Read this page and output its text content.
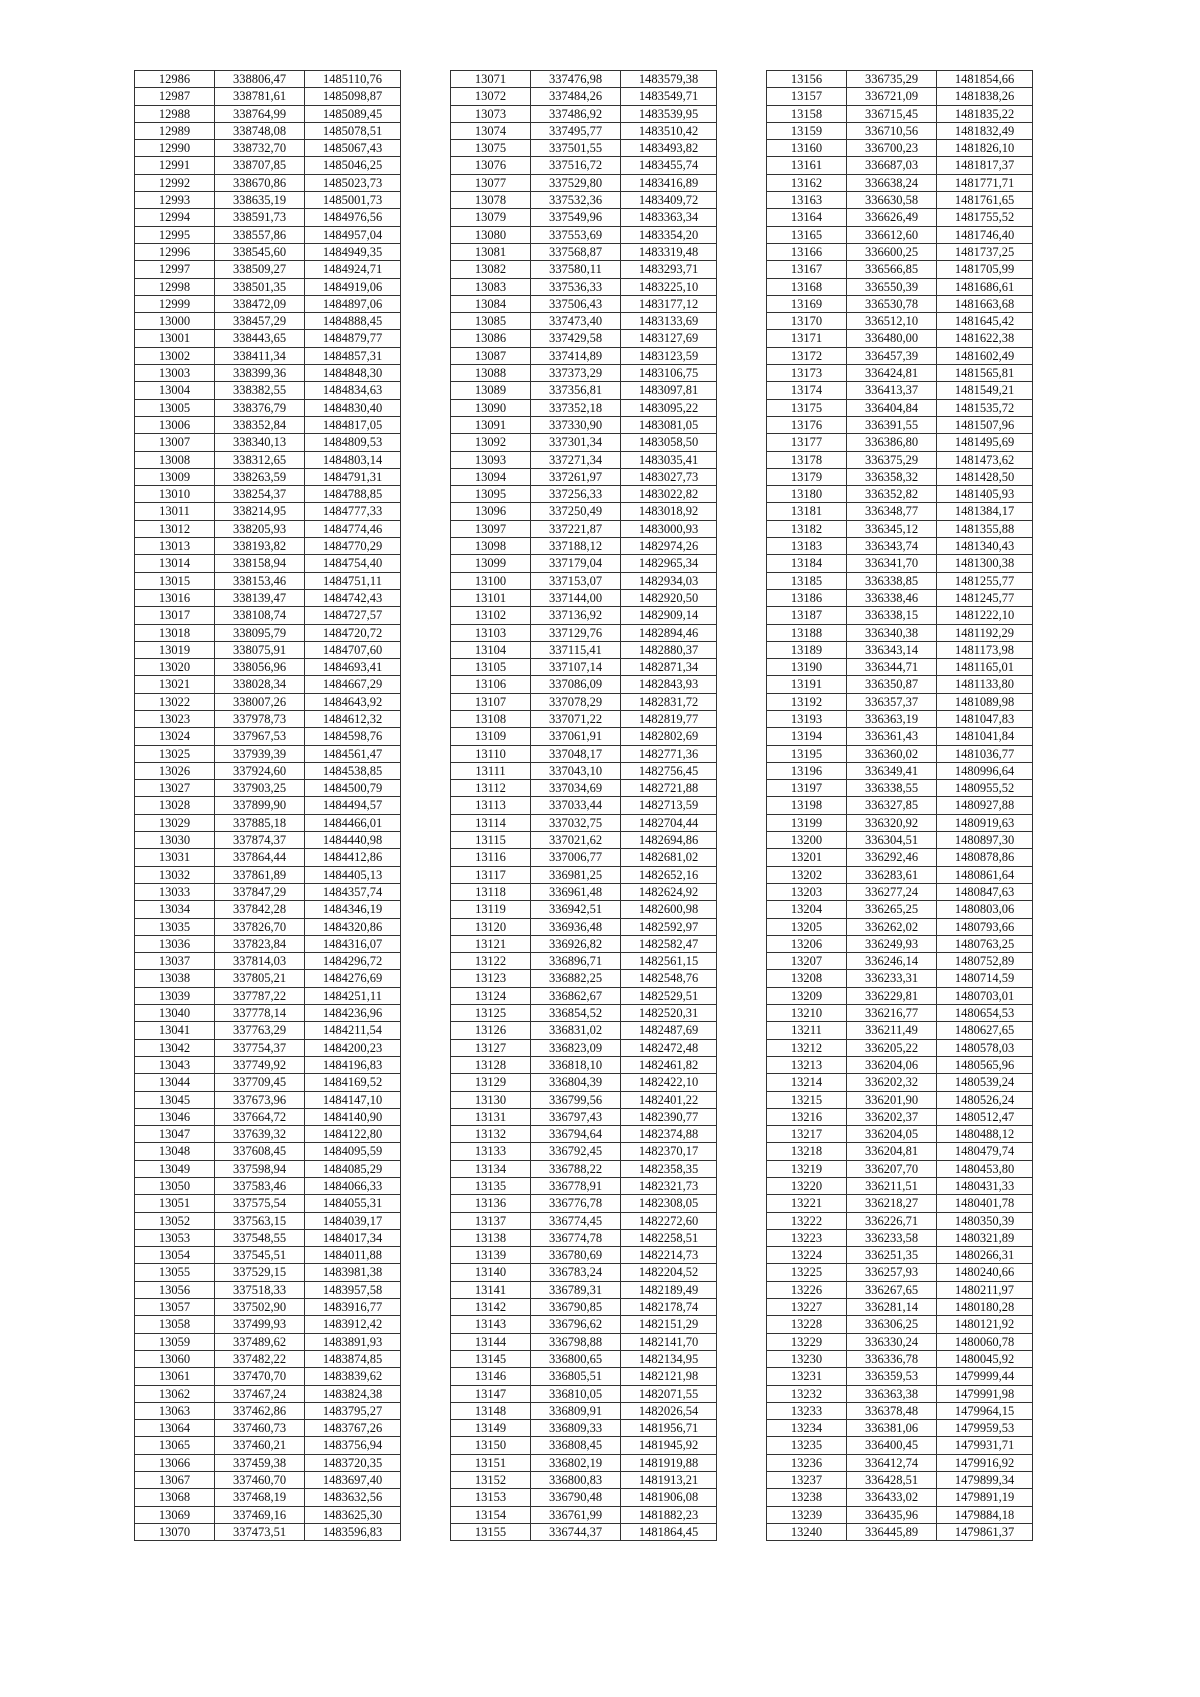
12986	338806,47	1485110,76
12987	338781,61	1485098,87
12988	338764,99	1485089,45
12989	338748,08	1485078,51
12990	338732,70	1485067,43
12991	338707,85	1485046,25
12992	338670,86	1485023,73
12993	338635,19	1485001,73
12994	338591,73	1484976,56
12995	338557,86	1484957,04
12996	338545,60	1484949,35
12997	338509,27	1484924,71
12998	338501,35	1484919,06
12999	338472,09	1484897,06
13000	338457,29	1484888,45
13001	338443,65	1484879,77
13002	338411,34	1484857,31
13003	338399,36	1484848,30
13004	338382,55	1484834,63
13005	338376,79	1484830,40
13006	338352,84	1484817,05
13007	338340,13	1484809,53
13008	338312,65	1484803,14
13009	338263,59	1484791,31
13010	338254,37	1484788,85
13011	338214,95	1484777,33
13012	338205,93	1484774,46
13013	338193,82	1484770,29
13014	338158,94	1484754,40
13015	338153,46	1484751,11
13016	338139,47	1484742,43
13017	338108,74	1484727,57
13018	338095,79	1484720,72
13019	338075,91	1484707,60
13020	338056,96	1484693,41
13021	338028,34	1484667,29
13022	338007,26	1484643,92
13023	337978,73	1484612,32
13024	337967,53	1484598,76
13025	337939,39	1484561,47
13026	337924,60	1484538,85
13027	337903,25	1484500,79
13028	337899,90	1484494,57
13029	337885,18	1484466,01
13030	337874,37	1484440,98
13031	337864,44	1484412,86
13032	337861,89	1484405,13
13033	337847,29	1484357,74
13034	337842,28	1484346,19
13035	337826,70	1484320,86
13036	337823,84	1484316,07
13037	337814,03	1484296,72
13038	337805,21	1484276,69
13039	337787,22	1484251,11
13040	337778,14	1484236,96
13041	337763,29	1484211,54
13042	337754,37	1484200,23
13043	337749,92	1484196,83
13044	337709,45	1484169,52
13045	337673,96	1484147,10
13046	337664,72	1484140,90
13047	337639,32	1484122,80
13048	337608,45	1484095,59
13049	337598,94	1484085,29
13050	337583,46	1484066,33
13051	337575,54	1484055,31
13052	337563,15	1484039,17
13053	337548,55	1484017,34
13054	337545,51	1484011,88
13055	337529,15	1483981,38
13056	337518,33	1483957,58
13057	337502,90	1483916,77
13058	337499,93	1483912,42
13059	337489,62	1483891,93
13060	337482,22	1483874,85
13061	337470,70	1483839,62
13062	337467,24	1483824,38
13063	337462,86	1483795,27
13064	337460,73	1483767,26
13065	337460,21	1483756,94
13066	337459,38	1483720,35
13067	337460,70	1483697,40
13068	337468,19	1483632,56
13069	337469,16	1483625,30
13070	337473,51	1483596,83
13071	337476,98	1483579,38
13072	337484,26	1483549,71
13073	337486,92	1483539,95
13074	337495,77	1483510,42
13075	337501,55	1483493,82
13076	337516,72	1483455,74
13077	337529,80	1483416,89
13078	337532,36	1483409,72
13079	337549,96	1483363,34
13080	337553,69	1483354,20
13081	337568,87	1483319,48
13082	337580,11	1483293,71
13083	337536,33	1483225,10
13084	337506,43	1483177,12
13085	337473,40	1483133,69
13086	337429,58	1483127,69
13087	337414,89	1483123,59
13088	337373,29	1483106,75
13089	337356,81	1483097,81
13090	337352,18	1483095,22
13091	337330,90	1483081,05
13092	337301,34	1483058,50
13093	337271,34	1483035,41
13094	337261,97	1483027,73
13095	337256,33	1483022,82
13096	337250,49	1483018,92
13097	337221,87	1483000,93
13098	337188,12	1482974,26
13099	337179,04	1482965,34
13100	337153,07	1482934,03
13101	337144,00	1482920,50
13102	337136,92	1482909,14
13103	337129,76	1482894,46
13104	337115,41	1482880,37
13105	337107,14	1482871,34
13106	337086,09	1482843,93
13107	337078,29	1482831,72
13108	337071,22	1482819,77
13109	337061,91	1482802,69
13110	337048,17	1482771,36
13111	337043,10	1482756,45
13112	337034,69	1482721,88
13113	337033,44	1482713,59
13114	337032,75	1482704,44
13115	337021,62	1482694,86
13116	337006,77	1482681,02
13117	336981,25	1482652,16
13118	336961,48	1482624,92
13119	336942,51	1482600,98
13120	336936,48	1482592,97
13121	336926,82	1482582,47
13122	336896,71	1482561,15
13123	336882,25	1482548,76
13124	336862,67	1482529,51
13125	336854,52	1482520,31
13126	336831,02	1482487,69
13127	336823,09	1482472,48
13128	336818,10	1482461,82
13129	336804,39	1482422,10
13130	336799,56	1482401,22
13131	336797,43	1482390,77
13132	336794,64	1482374,88
13133	336792,45	1482370,17
13134	336788,22	1482358,35
13135	336778,91	1482321,73
13136	336776,78	1482308,05
13137	336774,45	1482272,60
13138	336774,78	1482258,51
13139	336780,69	1482214,73
13140	336783,24	1482204,52
13141	336789,31	1482189,49
13142	336790,85	1482178,74
13143	336796,62	1482151,29
13144	336798,88	1482141,70
13145	336800,65	1482134,95
13146	336805,51	1482121,98
13147	336810,05	1482071,55
13148	336809,91	1482026,54
13149	336809,33	1481956,71
13150	336808,45	1481945,92
13151	336802,19	1481919,88
13152	336800,83	1481913,21
13153	336790,48	1481906,08
13154	336761,99	1481882,23
13155	336744,37	1481864,45
13156	336735,29	1481854,66
13157	336721,09	1481838,26
13158	336715,45	1481835,22
13159	336710,56	1481832,49
13160	336700,23	1481826,10
13161	336687,03	1481817,37
13162	336638,24	1481771,71
13163	336630,58	1481761,65
13164	336626,49	1481755,52
13165	336612,60	1481746,40
13166	336600,25	1481737,25
13167	336566,85	1481705,99
13168	336550,39	1481686,61
13169	336530,78	1481663,68
13170	336512,10	1481645,42
13171	336480,00	1481622,38
13172	336457,39	1481602,49
13173	336424,81	1481565,81
13174	336413,37	1481549,21
13175	336404,84	1481535,72
13176	336391,55	1481507,96
13177	336386,80	1481495,69
13178	336375,29	1481473,62
13179	336358,32	1481428,50
13180	336352,82	1481405,93
13181	336348,77	1481384,17
13182	336345,12	1481355,88
13183	336343,74	1481340,43
13184	336341,70	1481300,38
13185	336338,85	1481255,77
13186	336338,46	1481245,77
13187	336338,15	1481222,10
13188	336340,38	1481192,29
13189	336343,14	1481173,98
13190	336344,71	1481165,01
13191	336350,87	1481133,80
13192	336357,37	1481089,98
13193	336363,19	1481047,83
13194	336361,43	1481041,84
13195	336360,02	1481036,77
13196	336349,41	1480996,64
13197	336338,55	1480955,52
13198	336327,85	1480927,88
13199	336320,92	1480919,63
13200	336304,51	1480897,30
13201	336292,46	1480878,86
13202	336283,61	1480861,64
13203	336277,24	1480847,63
13204	336265,25	1480803,06
13205	336262,02	1480793,66
13206	336249,93	1480763,25
13207	336246,14	1480752,89
13208	336233,31	1480714,59
13209	336229,81	1480703,01
13210	336216,77	1480654,53
13211	336211,49	1480627,65
13212	336205,22	1480578,03
13213	336204,06	1480565,96
13214	336202,32	1480539,24
13215	336201,90	1480526,24
13216	336202,37	1480512,47
13217	336204,05	1480488,12
13218	336204,81	1480479,74
13219	336207,70	1480453,80
13220	336211,51	1480431,33
13221	336218,27	1480401,78
13222	336226,71	1480350,39
13223	336233,58	1480321,89
13224	336251,35	1480266,31
13225	336257,93	1480240,66
13226	336267,65	1480211,97
13227	336281,14	1480180,28
13228	336306,25	1480121,92
13229	336330,24	1480060,78
13230	336336,78	1480045,92
13231	336359,53	1479999,44
13232	336363,38	1479991,98
13233	336378,48	1479964,15
13234	336381,06	1479959,53
13235	336400,45	1479931,71
13236	336412,74	1479916,92
13237	336428,51	1479899,34
13238	336433,02	1479891,19
13239	336435,96	1479884,18
13240	336445,89	1479861,37
